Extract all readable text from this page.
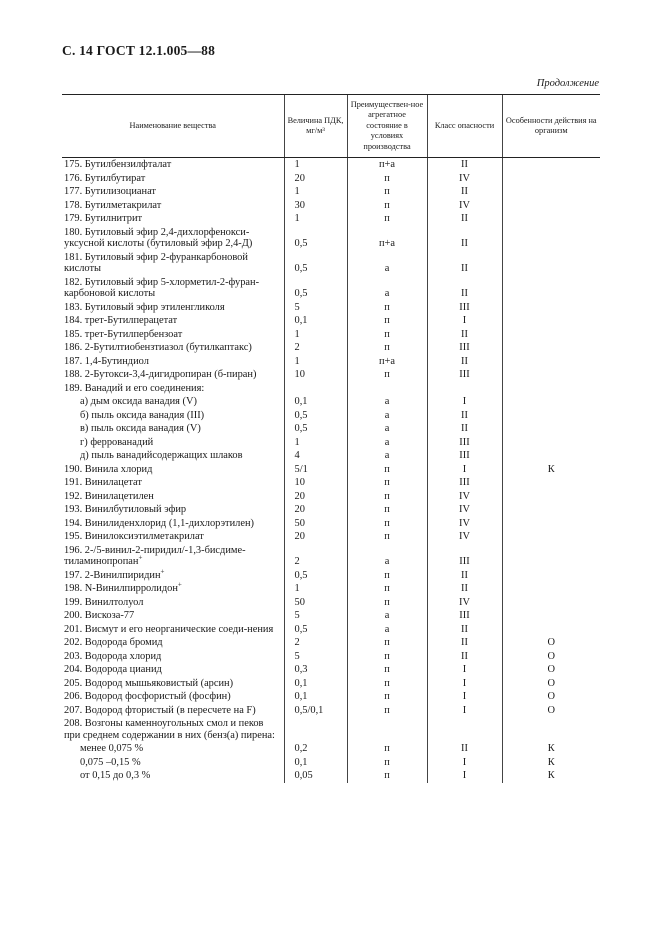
С. 14 ГОСТ 12.1.005—88
Продолжение
Наименование вещества	Величина ПДК, мг/м³	Преимуществен-ное агрегатное состояние в условиях производства	Класс опасности	Особенности действия на организм
175. Бутилбензилфталат	1	п+а	II	
176. Бутилбутират	20	п	IV	
177. Бутилизоцианат	1	п	II	
178. Бутилметакрилат	30	п	IV	
179. Бутилнитрит	1	п	II	
180. Бутиловый эфир 2,4-дихлорфенокси-уксусной кислоты (бутиловый эфир 2,4-Д)	0,5	п+а	II	
181. Бутиловый эфир 2-фуранкарбоновой кислоты	0,5	а	II	
182. Бутиловый эфир 5-хлорметил-2-фуран-карбоновой кислоты	0,5	а	II	
183. Бутиловый эфир этиленгликоля	5	п	III	
184. трет-Бутилперацетат	0,1	п	I	
185. трет-Бутилпербензоат	1	п	II	
186. 2-Бутилтиобензтиазол (бутилкаптакс)	2	п	III	
187. 1,4-Бутиндиол	1	п+а	II	
188. 2-Бутокси-3,4-дигидропиран (б-пиран)	10	п	III	
189. Ванадий и его соединения:				
а) дым оксида ванадия (V)	0,1	а	I	
б) пыль оксида ванадия (III)	0,5	а	II	
в) пыль оксида ванадия (V)	0,5	а	II	
г) феррованадий	1	а	III	
д) пыль ванадийсодержащих шлаков	4	а	III	
190. Винила хлорид	5/1	п	I	К
191. Винилацетат	10	п	III	
192. Винилацетилен	20	п	IV	
193. Винилбутиловый эфир	20	п	IV	
194. Винилиденхлорид (1,1-дихлорэтилен)	50	п	IV	
195. Винилоксиэтилметакрилат	20	п	IV	
196. 2-/5-винил-2-пиридил/-1,3-бисдиме-тиламинопропан+	2	а	III	
197. 2-Винилпиридин+	0,5	п	II	
198. N-Винилпирролидон+	1	п	II	
199. Винилтолуол	50	п	IV	
200. Вискоза-77	5	а	III	
201. Висмут и его неорганические соеди-нения	0,5	а	II	
202. Водорода бромид	2	п	II	О
203. Водорода хлорид	5	п	II	О
204. Водорода цианид	0,3	п	I	О
205. Водород мышьяковистый (арсин)	0,1	п	I	О
206. Водород фосфористый (фосфин)	0,1	п	I	О
207. Водород фтористый (в пересчете на F)	0,5/0,1	п	I	О
208. Возгоны каменноугольных смол и пеков при среднем содержании в них (бенз(а) пирена:				
менее 0,075 %	0,2	п	II	К
0,075 –0,15 %	0,1	п	I	К
от 0,15 до 0,3 %	0,05	п	I	К
